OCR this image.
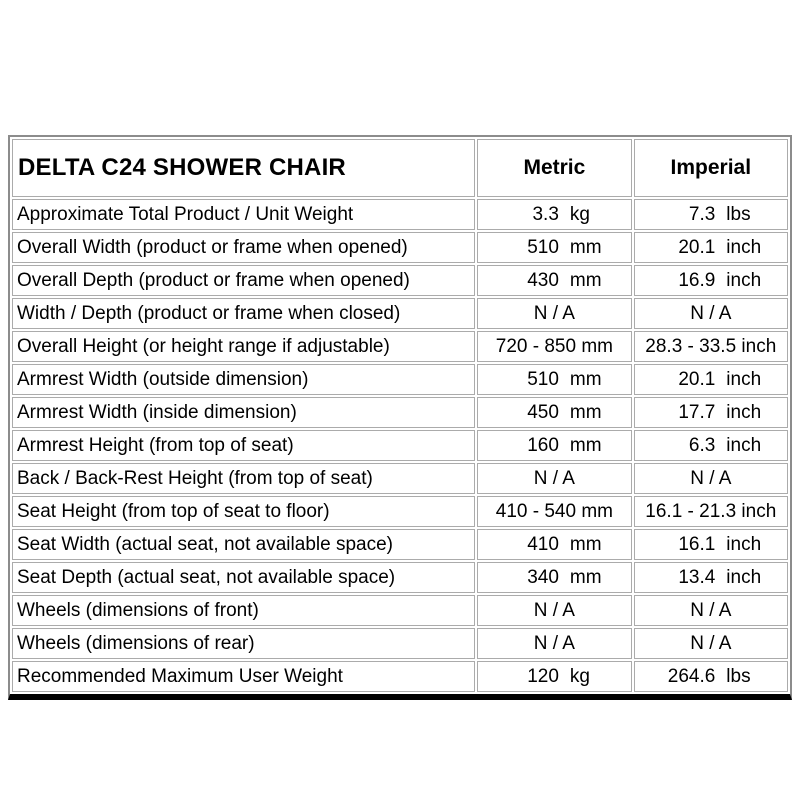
DELTA C24 SHOWER CHAIR	Metric	Imperial
Approximate Total Product / Unit Weight	3.3 kg	7.3 lbs
Overall Width (product or frame when opened)	510 mm	20.1 inch
Overall Depth (product or frame when opened)	430 mm	16.9 inch
Width / Depth (product or frame when closed)	N / A	N / A
Overall Height (or height range if adjustable)	720 - 850 mm	28.3 - 33.5 inch
Armrest Width (outside dimension)	510 mm	20.1 inch
Armrest Width (inside dimension)	450 mm	17.7 inch
Armrest Height (from top of seat)	160 mm	6.3 inch
Back / Back-Rest Height (from top of seat)	N / A	N / A
Seat Height (from top of seat to floor)	410 - 540 mm	16.1 - 21.3 inch
Seat Width (actual seat, not available space)	410 mm	16.1 inch
Seat Depth (actual seat, not available space)	340 mm	13.4 inch
Wheels (dimensions of front)	N / A	N / A
Wheels (dimensions of rear)	N / A	N / A
Recommended Maximum User Weight	120 kg	264.6 lbs
